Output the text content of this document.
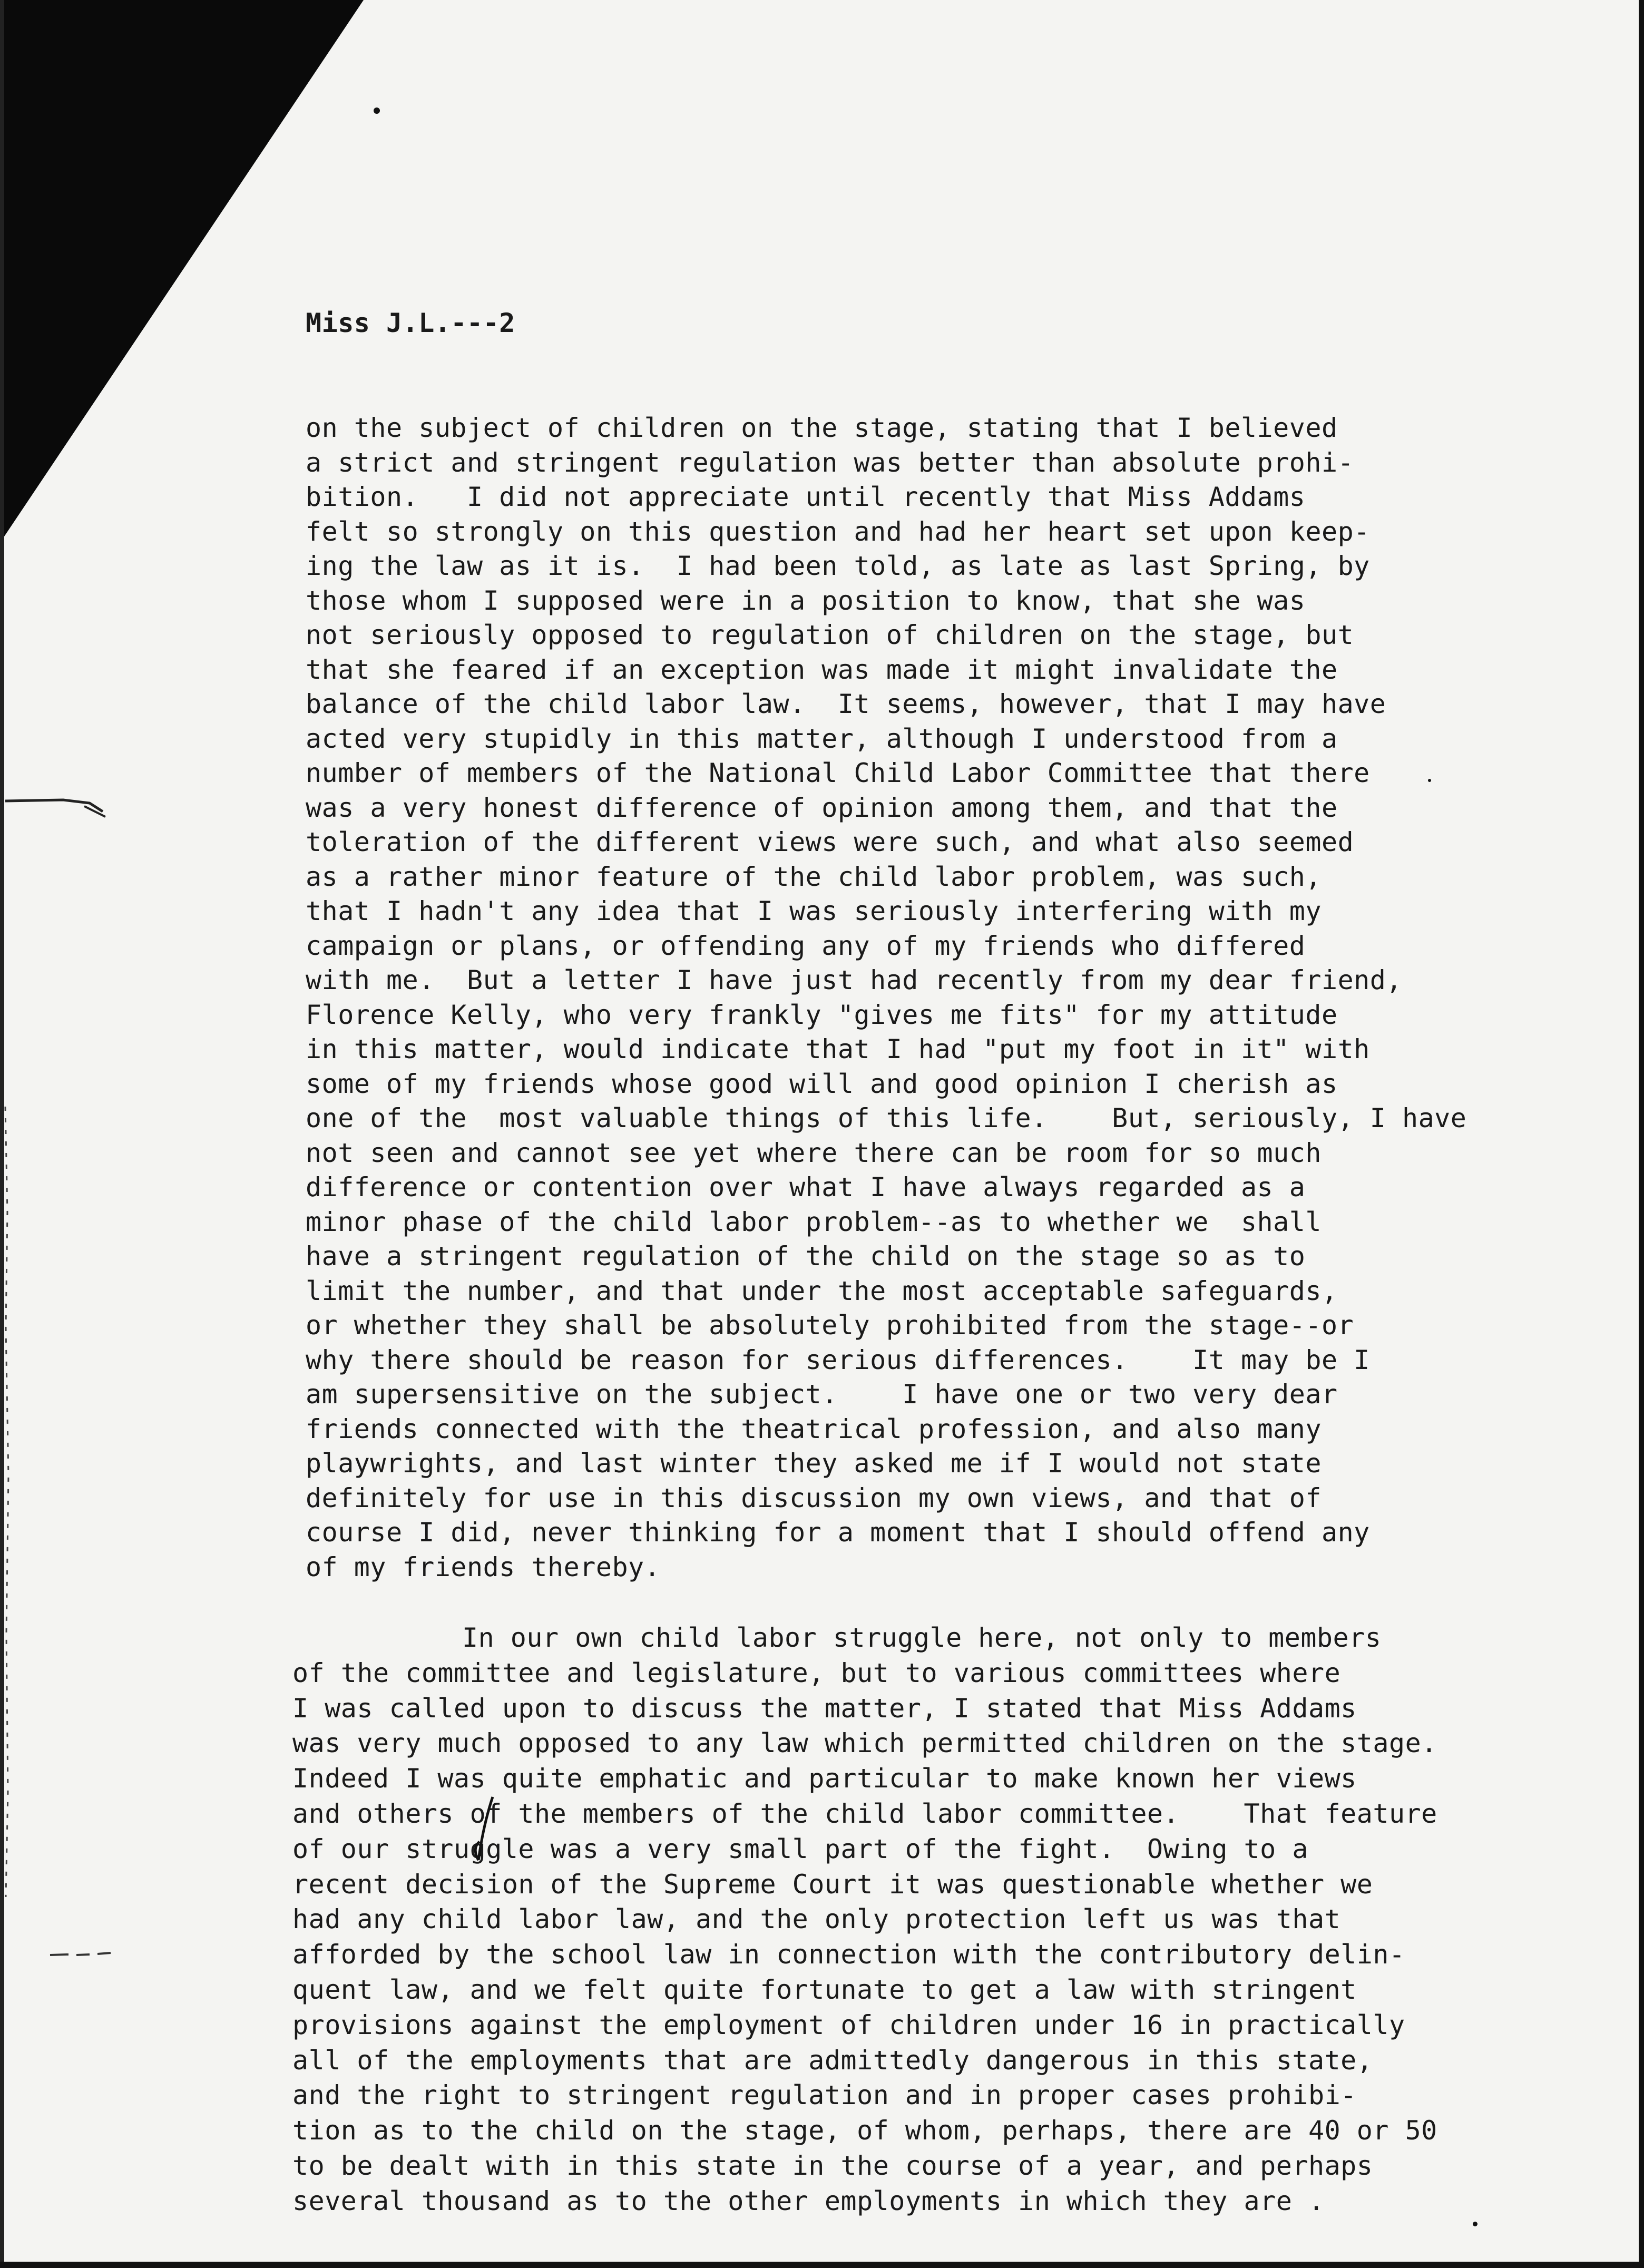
Miss J.L.---2
on the subject of children on the stage, stating that I believed
a strict and stringent regulation was better than absolute prohi-
bition.   I did not appreciate until recently that Miss Addams
felt so strongly on this question and had her heart set upon keep-
ing the law as it is.  I had been told, as late as last Spring, by
those whom I supposed were in a position to know, that she was
not seriously opposed to regulation of children on the stage, but
that she feared if an exception was made it might invalidate the
balance of the child labor law.  It seems, however, that I may have
acted very stupidly in this matter, although I understood from a
number of members of the National Child Labor Committee that there
was a very honest difference of opinion among them, and that the
toleration of the different views were such, and what also seemed
as a rather minor feature of the child labor problem, was such,
that I hadn't any idea that I was seriously interfering with my
campaign or plans, or offending any of my friends who differed
with me.  But a letter I have just had recently from my dear friend,
Florence Kelly, who very frankly "gives me fits" for my attitude
in this matter, would indicate that I had "put my foot in it" with
some of my friends whose good will and good opinion I cherish as
one of the  most valuable things of this life.    But, seriously, I have
not seen and cannot see yet where there can be room for so much
difference or contention over what I have always regarded as a
minor phase of the child labor problem--as to whether we  shall
have a stringent regulation of the child on the stage so as to
limit the number, and that under the most acceptable safeguards,
or whether they shall be absolutely prohibited from the stage--or
why there should be reason for serious differences.    It may be I
am supersensitive on the subject.    I have one or two very dear
friends connected with the theatrical profession, and also many
playwrights, and last winter they asked me if I would not state
definitely for use in this discussion my own views, and that of
course I did, never thinking for a moment that I should offend any
of my friends thereby.
In our own child labor struggle here, not only to members
of the committee and legislature, but to various committees where
I was called upon to discuss the matter, I stated that Miss Addams
was very much opposed to any law which permitted children on the stage.
Indeed I was quite emphatic and particular to make known her views
and others of the members of the child labor committee.    That feature
of our struggle was a very small part of the fight.  Owing to a
recent decision of the Supreme Court it was questionable whether we
had any child labor law, and the only protection left us was that
afforded by the school law in connection with the contributory delin-
quent law, and we felt quite fortunate to get a law with stringent
provisions against the employment of children under 16 in practically
all of the employments that are admittedly dangerous in this state,
and the right to stringent regulation and in proper cases prohibi-
tion as to the child on the stage, of whom, perhaps, there are 40 or 50
to be dealt with in this state in the course of a year, and perhaps
several thousand as to the other employments in which they are .
